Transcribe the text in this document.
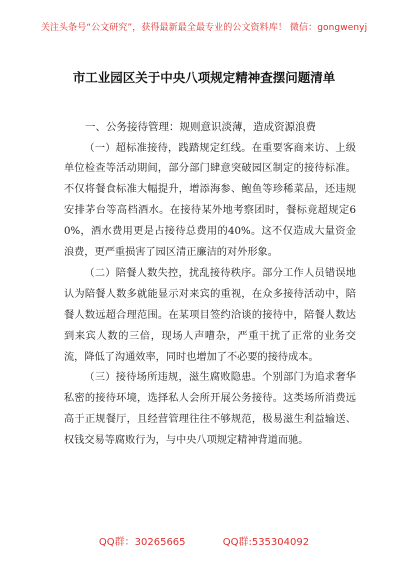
关注头条号“公文研究”，获得最新最全最专业的公文资料库！ 微信：gongwenyj
市工业园区关于中央八项规定精神查摆问题清单

一、公务接待管理：规则意识淡薄，造成资源浪费

（一）超标准接待，践踏规定红线。在重要客商来访、上级单位检查等活动期间，部分部门肆意突破园区制定的接待标准。不仅将餐食标准大幅提升，增添海参、鲍鱼等珍稀菜品，还违规安排茅台等高档酒水。在接待某外地考察团时，餐标竟超规定60%，酒水费用更是占接待总费用的40%。这不仅造成大量资金浪费，更严重损害了园区清正廉洁的对外形象。

（二）陪餐人数失控，扰乱接待秩序。部分工作人员错误地认为陪餐人数多就能显示对来宾的重视，在众多接待活动中，陪餐人数远超合理范围。在某项目签约洽谈的接待中，陪餐人数达到来宾人数的三倍，现场人声嘈杂，严重干扰了正常的业务交流，降低了沟通效率，同时也增加了不必要的接待成本。

（三）接待场所违规，滋生腐败隐患。个别部门为追求奢华私密的接待环境，选择私人会所开展公务接待。这类场所消费远高于正规餐厅，且经营管理往往不够规范，极易滋生利益输送、权钱交易等腐败行为，与中央八项规定精神背道而驰。

QQ群：30265665	QQ群:535304092
